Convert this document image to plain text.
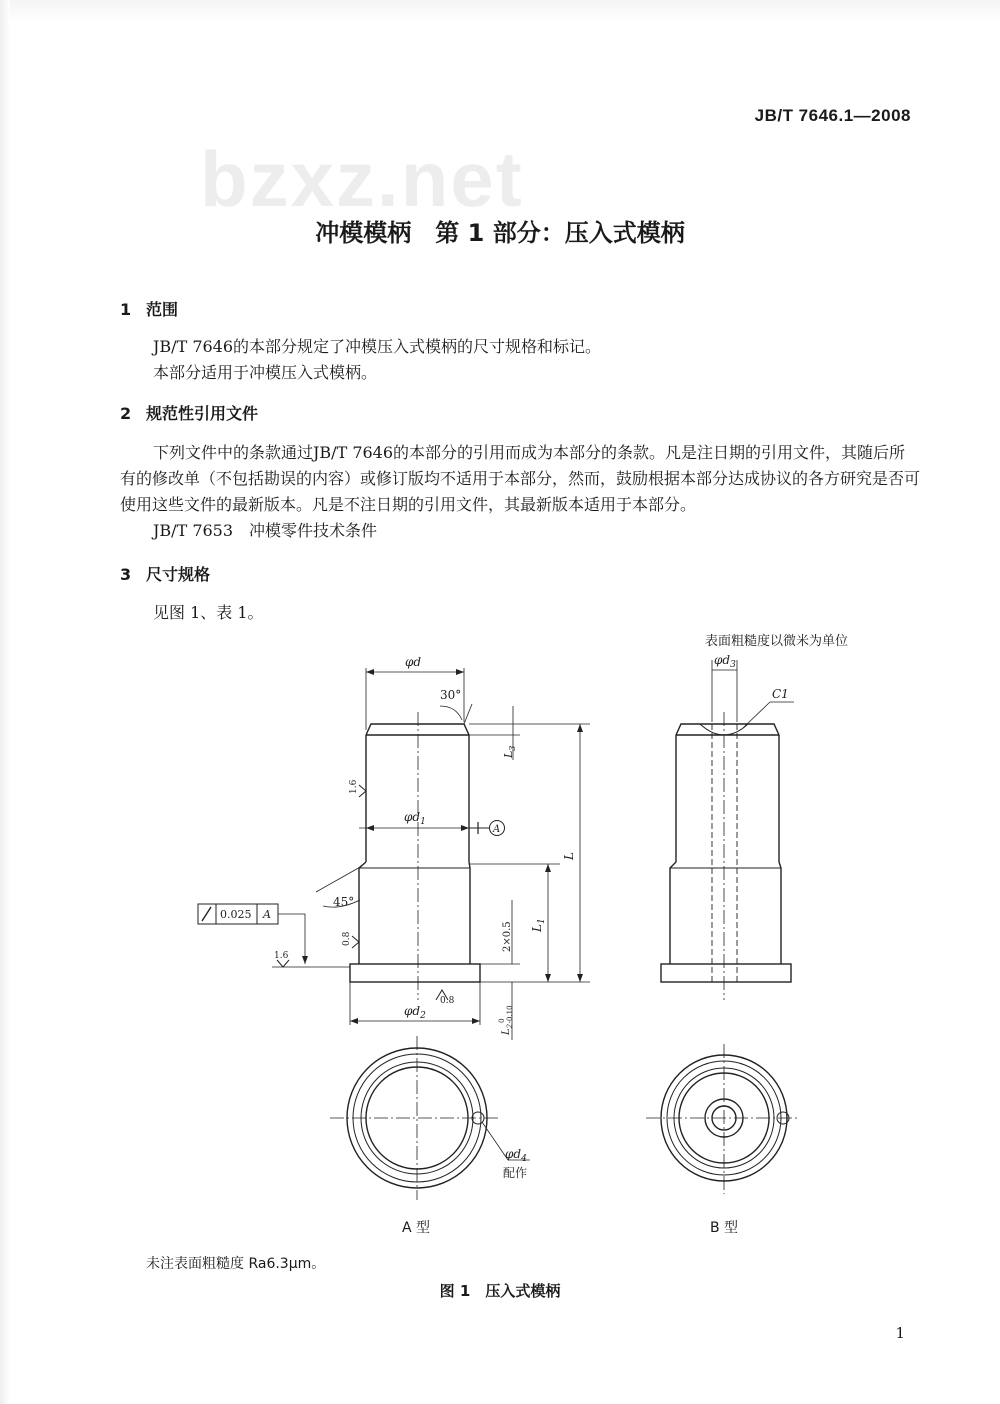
JB/T 7646.1—2008
bzxz.net
冲模模柄　第 1 部分：压入式模柄
1 范围
JB/T 7646的本部分规定了冲模压入式模柄的尺寸规格和标记。
本部分适用于冲模压入式模柄。
2 规范性引用文件
下列文件中的条款通过JB/T 7646的本部分的引用而成为本部分的条款。凡是注日期的引用文件，其随后所有的修改单（不包括勘误的内容）或修订版均不适用于本部分，然而，鼓励根据本部分达成协议的各方研究是否可使用这些文件的最新版本。凡是不注日期的引用文件，其最新版本适用于本部分。
JB/T 7653　冲模零件技术条件
3 尺寸规格
见图 1、表 1。
表面粗糙度以微米为单位
φd
30°
$\varphi d_1$
A
45°
1.6
0.8
1.6
0.8
0.025 A
$\varphi d_2$
$L_3$
L
$L_1$
2×0.5
$L_2^0-0.10$
$\varphi d_3$
C1
$\varphi d_4$
配作
A 型	B 型
未注表面粗糙度 Ra6.3μm。
图 1　压入式模柄
1
